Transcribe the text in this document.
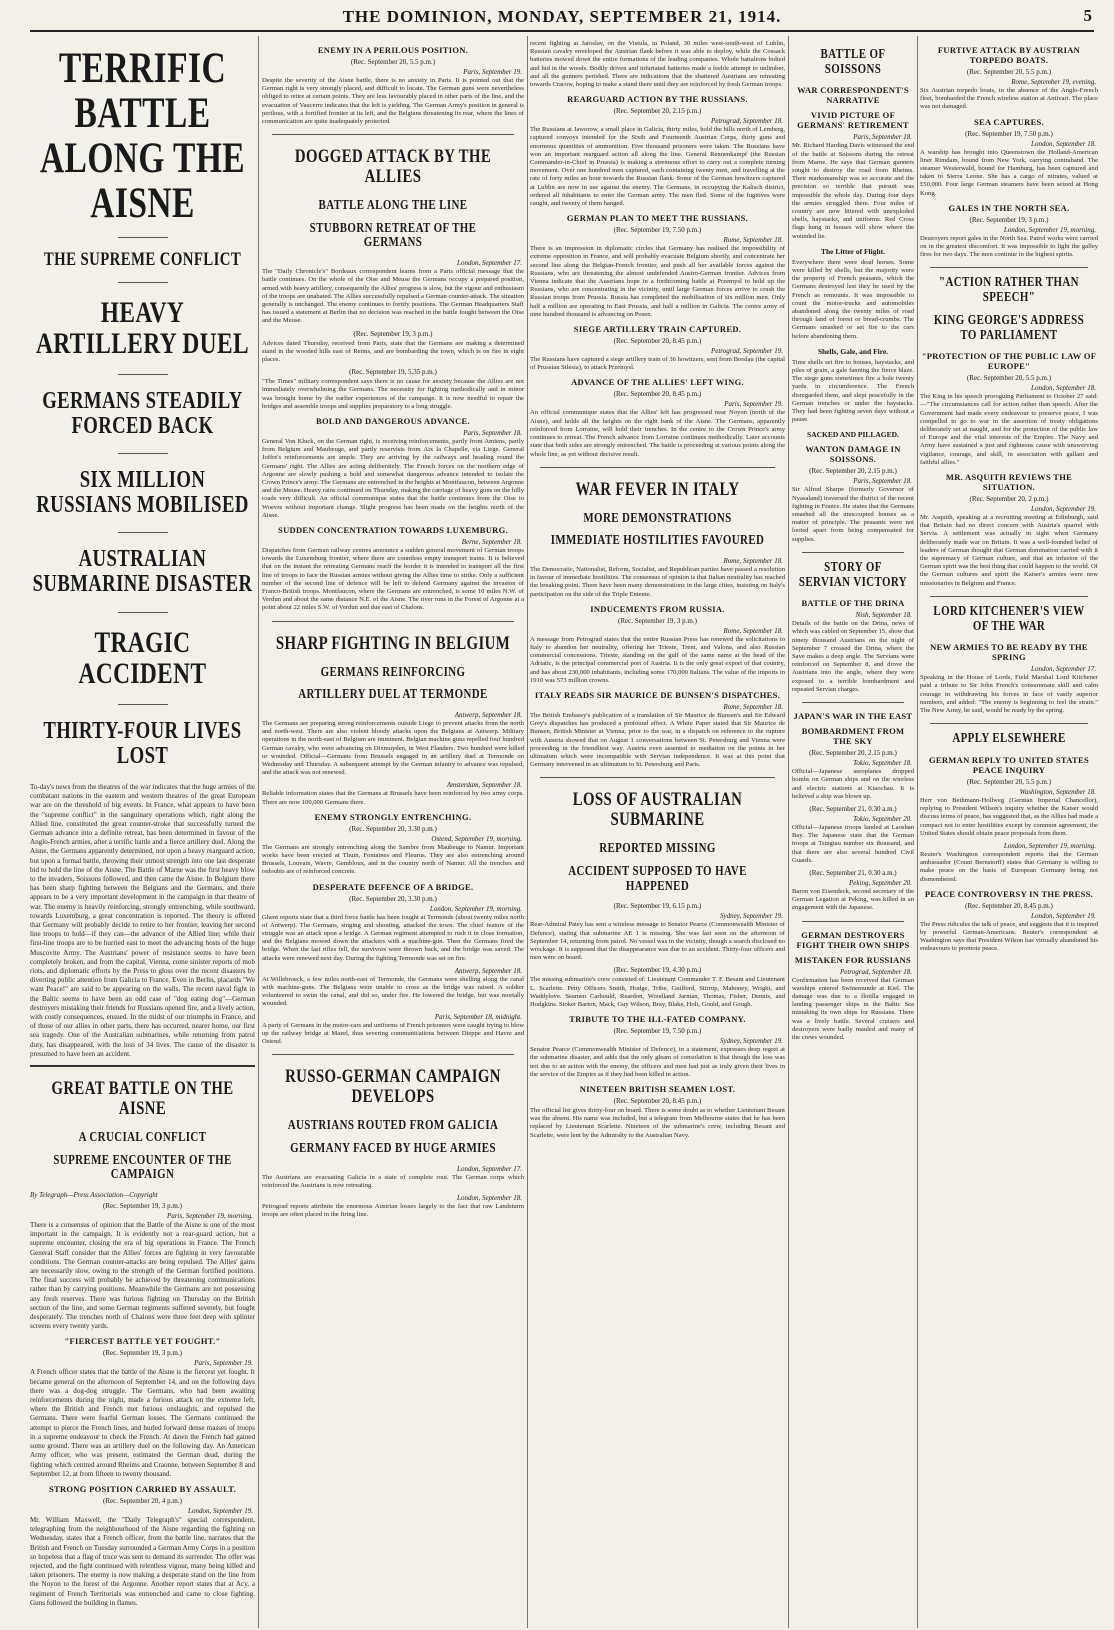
THE DOMINION, MONDAY, SEPTEMBER 21, 1914.	5
TERRIFIC BATTLE ALONG THE AISNE
THE SUPREME CONFLICT
HEAVY ARTILLERY DUEL
GERMANS STEADILY FORCED BACK
SIX MILLION RUSSIANS MOBILISED
AUSTRALIAN SUBMARINE DISASTER
TRAGIC ACCIDENT
THIRTY-FOUR LIVES LOST

To-day's news from the theatres of the war indicates that the huge armies of the combatant nations in the eastern and western theatres of the great European war are on the threshold of big events. In France, what appears to have been the "supreme conflict" in the sanguinary operations which, right along the Allied line, constituted the great counter-stroke that successfully turned the German advance into a definite retreat, has been determined in favour of the Anglo-French armies, after a terrific battle and a fierce artillery duel. Along the Aisne, the Germans apparently determined, not upon a heavy rearguard action, but upon a formal battle, throwing their utmost strength into one last desperate bid to hold the line of the Aisne. The Battle of Marne was the first heavy blow to the invaders, Soissons followed, and then came the Aisne. In Belgium there has been sharp fighting between the Belgians and the Germans, and there appears to be a very important development in the campaign in that theatre of war. The enemy is heavily reinforcing, strongly entrenching, while southward, towards Luxemburg, a great concentration is reported. The theory is offered that Germany will probably decide to retire to her frontier, leaving her second line troops to hold—if they can—the advance of the Allied line; while their first-line troops are to be hurried east to meet the advancing hosts of the huge Muscovite Army. The Austrians' power of resistance seems to have been completely broken, and from the capital, Vienna, come sinister reports of mob riots, and diplomatic efforts by the Press to gloss over the recent disasters by diverting public attention from Galicia to France. Even in Berlin, placards "We want Peace!" are said to be appearing on the walls. The recent naval fight in the Baltic seems to have been an odd case of "dog eating dog"—German destroyers mistaking their friends for Russians opened fire, and a lively action, with costly consequences, ensued. In the midst of our triumphs in France, and of those of our allies in other parts, there has occurred, nearer home, our first sea tragedy. One of the Australian submarines, while returning from patrol duty, has disappeared, with the loss of 34 lives. The cause of the disaster is presumed to have been an accident.

GREAT BATTLE ON THE AISNE
A CRUCIAL CONFLICT
SUPREME ENCOUNTER OF THE CAMPAIGN
By Telegraph—Press Association—Copyright
(Rec. September 19, 3 p.m.)
Paris, September 19, morning.

There is a consensus of opinion that the Battle of the Aisne is one of the most important in the campaign. It is evidently not a rear-guard action, but a supreme encounter, closing the era of big operations in France. The French General Staff consider that the Allies' forces are fighting in very favourable conditions. The German counter-attacks are being repulsed. The Allies' gains are necessarily slow, owing to the strength of the German fortified positions. The final success will probably be achieved by threatening communications rather than by carrying positions. Meanwhile the Germans are not possessing any fresh reserves. There was furious fighting on Thursday on the British section of the line, and some German regiments suffered severely, but fought desperately. The trenches north of Chalons were three feet deep with splinter screens every twenty yards.

"FIERCEST BATTLE YET FOUGHT."
(Rec. September 19, 3 p.m.)
Paris, September 19.

A French officer states that the battle of the Aisne is the fiercest yet fought. It became general on the afternoon of September 14, and on the following days there was a dog-dog struggle. The Germans, who had been awaiting reinforcements during the night, made a furious attack on the extreme left, where the British and French met furious onslaughts, and repulsed the Germans. There were fearful German losses. The Germans continued the attempt to pierce the French lines, and hurled forward dense masses of troops in a supreme endeavour to check the French. At dawn the French had gained some ground. There was an artillery duel on the following day. An American Army officer, who was present, estimated the German dead, during the fighting which centred around Rheims and Craonne, between September 8 and September 12, at from fifteen to twenty thousand.

STRONG POSITION CARRIED BY ASSAULT.
(Rec. September 20, 4 p.m.)
London, September 19.

Mr. William Maxwell, the "Daily Telegraph's" special correspondent, telegraphing from the neighbourhood of the Aisne regarding the fighting on Wednesday, states that a French officer, from the battle line, narrates that the British and French on Tuesday surrounded a German Army Corps in a position so hopeless that a flag of truce was sent to demand its surrender. The offer was rejected, and the fight continued with relentless vigour, many being killed and taken prisoners. The enemy is now making a desperate stand on the line from the Noyon to the forest of the Argonne. Another report states that at Acy, a regiment of French Territorials was entrenched and came to close fighting. Guns followed the building in flames.

ENEMY IN A PERILOUS POSITION.
(Rec. September 20, 5.5 p.m.)
Paris, September 19.

Despite the severity of the Aisne battle, there is no anxiety in Paris. It is pointed out that the German right is very strongly placed, and difficult to locate. The German guns were nevertheless obliged to retire at certain points. They are less favourably placed in other parts of the line, and the evacuation of Vaucerre indicates that the left is yielding. The German Army's position in general is perilous, with a fortified frontier at its left, and the Belgians threatening its rear, where the lines of communication are quite inadequately protected.

DOGGED ATTACK BY THE ALLIES
BATTLE ALONG THE LINE
STUBBORN RETREAT OF THE GERMANS
London, September 17.

The "Daily Chronicle's" Bordeaux correspondent learns from a Paris official message that the battle continues. On the whole of the Oise and Meuse the Germans occupy a prepared position, armed with heavy artillery, consequently the Allies' progress is slow, but the vigour and enthusiasm of the troops are unabated. The Allies successfully repulsed a German counter-attack. The situation generally is unchanged. The enemy continues to fortify positions. The German Headquarters Staff has issued a statement at Berlin that no decision was reached in the battle fought between the Oise and the Meuse.

(Rec. September 19, 3 p.m.)

Advices dated Thursday, received from Paris, state that the Germans are making a determined stand in the wooded hills east of Reims, and are bombarding the town, which is on fire in eight places.

(Rec. September 19, 5.35 p.m.)

"The Times" military correspondent says there is no cause for anxiety because the Allies are not immediately overwhelming the Germans. The necessity for fighting methodically and in minor was brought home by the earlier experiences of the campaign. It is now needful to repair the bridges and assemble troops and supplies preparatory to a long struggle.

BOLD AND DANGEROUS ADVANCE.
Paris, September 18.

General Von Kluck, on the German right, is receiving reinforcements, partly from Amiens, partly from Belgium and Maubeuge, and partly reservists from Aix la Chapelle, via Liege. General Joffre's reinforcements are ample. They are arriving by the railways and heading round the Germans' right. The Allies are acting deliberately. The French forces on the northern edge of Argonne are slowly pushing a bold and somewhat dangerous advance intended to isolate the Crown Prince's army. The Germans are entrenched in the heights at Montfaucon, between Argonne and the Meuse. Heavy rains continued on Thursday, making the carriage of heavy guns on the hilly roads very difficult. An official communique states that the battle continues from the Oise to Woevre without important change. Slight progress has been made on the heights north of the Aisne.

SUDDEN CONCENTRATION TOWARDS LUXEMBURG.
Berne, September 18.

Dispatches from German railway centres announce a sudden general movement of German troops towards the Luxemburg frontier, where there are countless empty transport trains. It is believed that on the instant the retreating Germans reach the border it is intended to transport all the first line of troops to face the Russian armies without giving the Allies time to strike. Only a sufficient number of the second line of defence will be left to defend Germany against the invasion of Franco-British troops. Montfaucon, where the Germans are entrenched, is some 10 miles N.W. of Verdun and about the same distance N.E. of the Aisne. The river runs in the Forest of Argonne at a point about 22 miles S.W. of Verdun and due east of Chalons.

SHARP FIGHTING IN BELGIUM
GERMANS REINFORCING
ARTILLERY DUEL AT TERMONDE
Antwerp, September 18.

The Germans are preparing strong reinforcements outside Liege to prevent attacks from the north and north-west. There are also violent bloody attacks upon the Belgians at Antwerp. Military operations in the north-east of Belgium are imminent. Belgian machine guns repelled four hundred German cavalry, who were advancing on Dixmuyden, in West Flanders. Two hundred were killed or wounded. Official—Germans from Brussels engaged in an artillery duel at Termonde on Wednesday and Thursday. A subsequent attempt by the German infantry to advance was repulsed, and the attack was not renewed.

Amsterdam, September 18.

Reliable information states that the Germans at Brussels have been reinforced by two army corps. There are now 100,000 Germans there.

ENEMY STRONGLY ENTRENCHING.
(Rec. September 20, 3.30 p.m.)
Ostend, September 19, morning.

The Germans are strongly entrenching along the Sambre from Maubeuge to Namur. Important works have been erected at Thuin, Fontaines and Fleurus. They are also entrenching around Brussels, Louvain, Wavre, Gembloux, and in the country north of Namur. All the trenches and redoubts are of reinforced concrete.

DESPERATE DEFENCE OF A BRIDGE.
(Rec. September 20, 3.30 p.m.)
London, September 19, morning.

Ghent reports state that a third force battle has been fought at Termonde (about twenty miles north of Antwerp). The Germans, singing and shouting, attacked the town. The chief feature of the struggle was an attack upon a bridge. A German regiment attempted to rush it in close formation, and the Belgians mowed down the attackers with a machine-gun. Then the Germans fired the bridge. When the last rifles fell, the survivors were thrown back, and the bridge was saved. The attacks were renewed next day. During the fighting Termonde was set on fire.

Antwerp, September 18.

At Willebroeck, a few miles north-east of Termonde, the Germans were shelling along the canal with machine-guns. The Belgians were unable to cross as the bridge was raised. A soldier volunteered to swim the canal, and did so, under fire. He lowered the bridge, but was mortally wounded.

Paris, September 18, midnight.

A party of Germans in the motor-cars and uniforms of French prisoners were caught trying to blow up the railway bridge at Mazel, thus severing communications between Dieppe and Havre and Ostend.

RUSSO-GERMAN CAMPAIGN DEVELOPS
AUSTRIANS ROUTED FROM GALICIA
GERMANY FACED BY HUGE ARMIES
London, September 17.

The Austrians are evacuating Galicia in a state of complete rout. The German corps which reinforced the Austrians is now retreating.

London, September 18.

Petrograd reports attribute the enormous Austrian losses largely to the fact that raw Landsturm troops are often placed in the firing line.

recent fighting at Jaroslav, on the Vistula, in Poland, 30 miles west-south-west of Lublin, Russian cavalry enveloped the Austrian flank before it was able to deploy, while the Cossack batteries mowed down the entire formations of the leading companies. Whole battalions bolted and hid in the woods. Bodily driven and infuriated batteries made a feeble attempt to unlimber, and all the gunners perished. There are indications that the shattered Austrians are retreating towards Cracow, hoping to make a stand there until they are reinforced by fresh German troops.

REARGUARD ACTION BY THE RUSSIANS.
(Rec. September 20, 2.15 p.m.)
Petrograd, September 18.

The Russians at Jaworow, a small place in Galicia, thirty miles, hold the hills north of Lemberg, captured convoys intended for the Sixth and Fourteenth Austrian Corps, thirty guns and enormous quantities of ammunition. Five thousand prisoners were taken. The Russians have won an important rearguard action all along the line. General Rennenkampf (the Russian Commander-in-Chief in Prussia) is making a strenuous effort to carry out a complete turning movement. Over one hundred men captured, each containing twenty men, and travelling at the rate of forty miles an hour towards the Russian flank. Some of the German howitzers captured at Lublin are now in use against the enemy. The Germans, in occupying the Kalisch district, ordered all inhabitants to enter the German army. The men fled. Some of the fugitives were caught, and twenty of them hanged.

GERMAN PLAN TO MEET THE RUSSIANS.
(Rec. September 19, 7.50 p.m.)
Rome, September 18.

There is an impression in diplomatic circles that Germany has realised the impossibility of extreme opposition in France, and will probably evacuate Belgium shortly, and concentrate her second line along the Belgian-French frontier, and push all her available forces against the Russians, who are threatening the almost undefended Austro-German frontier. Advices from Vienna indicate that the Austrians hope in a forthcoming battle at Przemysl to hold up the Russians, who are concentrating in the vicinity, until large German forces arrive to crush the Russian troops from Prussia. Russia has completed the mobilisation of six million men. Only half a million are operating in East Prussia, and half a million in Galicia. The centre army of nine hundred thousand is advancing on Posen.

SIEGE ARTILLERY TRAIN CAPTURED.
(Rec. September 20, 8.45 p.m.)
Petrograd, September 19.

The Russians have captured a siege artillery train of 36 howitzers, sent from Breslau (the capital of Prussian Silesia), to attack Przemysl.

ADVANCE OF THE ALLIES' LEFT WING.
(Rec. September 20, 8.45 p.m.)
Paris, September 19.

An official communique states that the Allies' left has progressed near Noyon (north of the Aisne), and holds all the heights on the right bank of the Aisne. The Germans, apparently reinforced from Lorraine, will hold their trenches. In the centre to the Crown Prince's army continues to retreat. The French advance from Lorraine continues methodically. Later accounts state that both sides are strongly entrenched. The battle is proceeding at various points along the whole line, as yet without decisive result.

WAR FEVER IN ITALY
MORE DEMONSTRATIONS
IMMEDIATE HOSTILITIES FAVOURED
Rome, September 18.

The Democratic, Nationalist, Reform, Socialist, and Republican parties have passed a resolution in favour of immediate hostilities. The consensus of opinion is that Italian neutrality has reached the breaking point. There have been many demonstrations in the large cities, insisting on Italy's participation on the side of the Triple Entente.

INDUCEMENTS FROM RUSSIA.
(Rec. September 19, 3 p.m.)
Rome, September 18.

A message from Petrograd states that the entire Russian Press has renewed the solicitations to Italy to abandon her neutrality, offering her Trieste, Trent, and Valona, and also Russian commercial concessions. Trieste, standing on the gulf of the same name at the head of the Adriatic, is the principal commercial port of Austria. It is the only great export of that country, and has about 230,000 inhabitants, including some 170,000 Italians. The value of the imports in 1910 was 573 million crowns.

ITALY READS SIR MAURICE DE BUNSEN'S DISPATCHES.
Rome, September 18.

The British Embassy's publication of a translation of Sir Maurice de Bunsen's and Sir Edward Grey's dispatches has produced a profound effect. A White Paper stated that Sir Maurice de Bunsen, British Minister at Vienna, prior to the war, in a dispatch on reference to the rupture with Austria showed that on August 1 conversations between St. Petersburg and Vienna were proceeding in the friendliest way. Austria even assented to mediation on the points in her ultimatum which were incompatible with Servian independence. It was at this point that Germany intervened in an ultimatum to St. Petersburg and Paris.

LOSS OF AUSTRALIAN SUBMARINE
REPORTED MISSING
ACCIDENT SUPPOSED TO HAVE HAPPENED
(Rec. September 19, 6.15 p.m.)
Sydney, September 19.

Rear-Admiral Patey has sent a wireless message to Senator Pearce (Commonwealth Minister of Defence), stating that submarine AE 1 is missing. She was last seen on the afternoon of September 14, returning from patrol. No vessel was in the vicinity, though a search disclosed no wreckage. It is supposed that the disappearance was due to an accident. Thirty-four officers and men were on board.

(Rec. September 19, 4.30 p.m.)

The missing submarine's crew consisted of: Lieutenant Commander T. F. Besant and Lieutenant L. Scarlette. Petty Officers Smith, Hodge, Tribe, Guilford, Stirrup, Mahoney, Wright, and Waddylove. Seamen Carbould, Reardon, Woodland Jarman, Thomas, Fisher, Dennis, and Hodgkins. Stoker Barton, Mack, Guy Wilson, Bray, Blake, Holt, Gould, and Gough.

TRIBUTE TO THE ILL-FATED COMPANY.
(Rec. September 19, 7.50 p.m.)
Sydney, September 19.

Senator Pearce (Commonwealth Minister of Defence), in a statement, expresses deep regret at the submarine disaster, and adds that the only gleam of consolation is that though the loss was not due to an action with the enemy, the officers and men had just as truly given their lives in the service of the Empire as if they had been killed in action.

NINETEEN BRITISH SEAMEN LOST.
(Rec. September 20, 8.45 p.m.)

The official list gives thirty-four on board. There is some doubt as to whether Lieutenant Besant was the absent. His name was included, but a telegram from Melbourne states that he has been replaced by Lieutenant Scarlette. Nineteen of the submarine's crew, including Besant and Scarlette, were lent by the Admiralty to the Australian Navy.

BATTLE OF SOISSONS
WAR CORRESPONDENT'S NARRATIVE
VIVID PICTURE OF GERMANS' RETIREMENT
Paris, September 18.

Mr. Richard Harding Davis witnessed the end of the battle at Soissons during the retreat from Marne. He says that German gunners sought to destroy the road from Rheims. Their marksmanship was so accurate and the precision so terrible that pursuit was impossible the whole day. During four days the armies struggled there. Four miles of country are now littered with unexploded shells, haystacks, and uniforms. Red Cross flags hung in houses will show where the wounded lie.

The Litter of Flight.

Everywhere there were dead horses. Some were killed by shells, but the majority were the property of French peasants, which the Germans destroyed lest they be used by the French as remounts. It was impossible to count the motor-trucks and automobiles abandoned along the twenty miles of road through land of forest or bread-crumbs. The Germans smashed or set fire to the cars before abandoning them.

Shells, Gale, and Fire.

Time shells set fire to houses, haystacks, and piles of grain, a gale fanning the fierce blaze. The siege guns sometimes fire a hole twenty yards in circumference. The French disregarded them, and slept peacefully in the German trenches or under the haystacks. They had been fighting seven days without a pause.

SACKED AND PILLAGED.
WANTON DAMAGE IN SOISSONS.
(Rec. September 20, 2.15 p.m.)
Paris, September 18.

Sir Alfred Sharpe (formerly Governor of Nyasaland) traversed the district of the recent fighting in France. He states that the Germans smashed all the unoccupied houses as a matter of principle. The peasants were not looted apart from being compensated for supplies.

STORY OF SERVIAN VICTORY
BATTLE OF THE DRINA
Nish, September 18.

Details of the battle on the Drina, news of which was cabled on September 15, show that ninety thousand Austrians on the night of September 7 crossed the Drina, where the Save makes a deep angle. The Servians were reinforced on September 8, and drove the Austrians into the angle, where they were exposed to a terrible bombardment and repeated Servian charges.

JAPAN'S WAR IN THE EAST
BOMBARDMENT FROM THE SKY
(Rec. September 20, 2.15 p.m.)
Tokio, September 18.

Official—Japanese aeroplanes dropped bombs on German ships and on the wireless and electric stations at Kiaochau. It is believed a ship was blown up.

(Rec. September 21, 0.30 a.m.)
Tokio, September 20.

Official—Japanese troops landed at Laoshan Bay. The Japanese state that the German troops at Tsingtau number six thousand, and that there are also several hundred Civil Guards.

(Rec. September 21, 0.30 a.m.)
Peking, September 20.

Baron von Eisendeck, second secretary of the German Legation at Peking, was killed in an engagement with the Japanese.

GERMAN DESTROYERS FIGHT THEIR OWN SHIPS
MISTAKEN FOR RUSSIANS
Petrograd, September 18.

Confirmation has been received that German warships entered Swinemunde at Kiel. The damage was due to a flotilla engaged in landing passenger ships in the Baltic Sea mistaking its own ships for Russians. There was a lively battle. Several cruisers and destroyers were badly mauled and many of the crews wounded.

FURTIVE ATTACK BY AUSTRIAN TORPEDO BOATS.
(Rec. September 20, 5.5 p.m.)
Rome, September 19, evening.

Six Austrian torpedo boats, in the absence of the Anglo-French fleet, bombarded the French wireless station at Antivari. The place was not damaged.

SEA CAPTURES.
(Rec. September 19, 7.50 p.m.)
London, September 18.

A warship has brought into Queenstown the Holland-American liner Rimdam, bound from New York, carrying contraband. The steamer Westerwald, bound for Hamburg, has been captured and taken to Sierra Leone. She has a cargo of nitrates, valued at £50,000. Four large German steamers have been seized at Hong Kong.

GALES IN THE NORTH SEA.
(Rec. September 19, 3 p.m.)
London, September 19, morning.

Destroyers report gales in the North Sea. Patrol works were carried on in the greatest discomfort. It was impossible to light the galley fires for two days. The men continue in the highest spirits.

"ACTION RATHER THAN SPEECH"
KING GEORGE'S ADDRESS TO PARLIAMENT
"PROTECTION OF THE PUBLIC LAW OF EUROPE"
(Rec. September 20, 5.5 p.m.)
London, September 18.

The King in his speech proroguing Parliament to October 27 said:—"The circumstances call for action rather than speech. After the Government had made every endeavour to preserve peace, I was compelled to go to war in the assertion of treaty obligations deliberately set at naught, and for the protection of the public law of Europe and the vital interests of the Empire. The Navy and Army have sustained a just and righteous cause with unswerving vigilance, courage, and skill, in association with gallant and faithful allies."

MR. ASQUITH REVIEWS THE SITUATION.
(Rec. September 20, 2 p.m.)
London, September 19.

Mr. Asquith, speaking at a recruiting meeting at Edinburgh, said that Britain had no direct concern with Austria's quarrel with Servia. A settlement was actually in sight when Germany deliberately made war on Britain. It was a well-founded belief of leaders of German thought that German domination carried with it the supremacy of German culture, and that an infusion of the German spirit was the best thing that could happen to the world. Of the German cultures and spirit the Kaiser's armies were now missionaries in Belgium and France.

LORD KITCHENER'S VIEW OF THE WAR
NEW ARMIES TO BE READY BY THE SPRING
London, September 17.

Speaking in the House of Lords, Field Marshal Lord Kitchener paid a tribute to Sir John French's consummate skill and calm courage in withdrawing his forces in face of vastly superior numbers, and added: "The enemy is beginning to feel the strain." The New Army, he said, would be ready by the spring.

APPLY ELSEWHERE
GERMAN REPLY TO UNITED STATES PEACE INQUIRY
(Rec. September 20, 5.5 p.m.)
Washington, September 18.

Herr von Bethmann-Hollweg (German Imperial Chancellor), replying to President Wilson's inquiry whether the Kaiser would discuss terms of peace, has suggested that, as the Allies had made a compact not to enter hostilities except by common agreement, the United States should obtain peace proposals from them.

London, September 19, morning.

Reuter's Washington correspondent reports that the German ambassador (Count Bernstorff) states that Germany is willing to make peace on the basis of European Germany being not dismembered.

PEACE CONTROVERSY IN THE PRESS.
(Rec. September 20, 8.45 p.m.)
London, September 19.

The Press ridicules the talk of peace, and suggests that it is inspired by powerful German-Americans. Reuter's correspondent at Washington says that President Wilson has virtually abandoned his endeavours to promote peace.
